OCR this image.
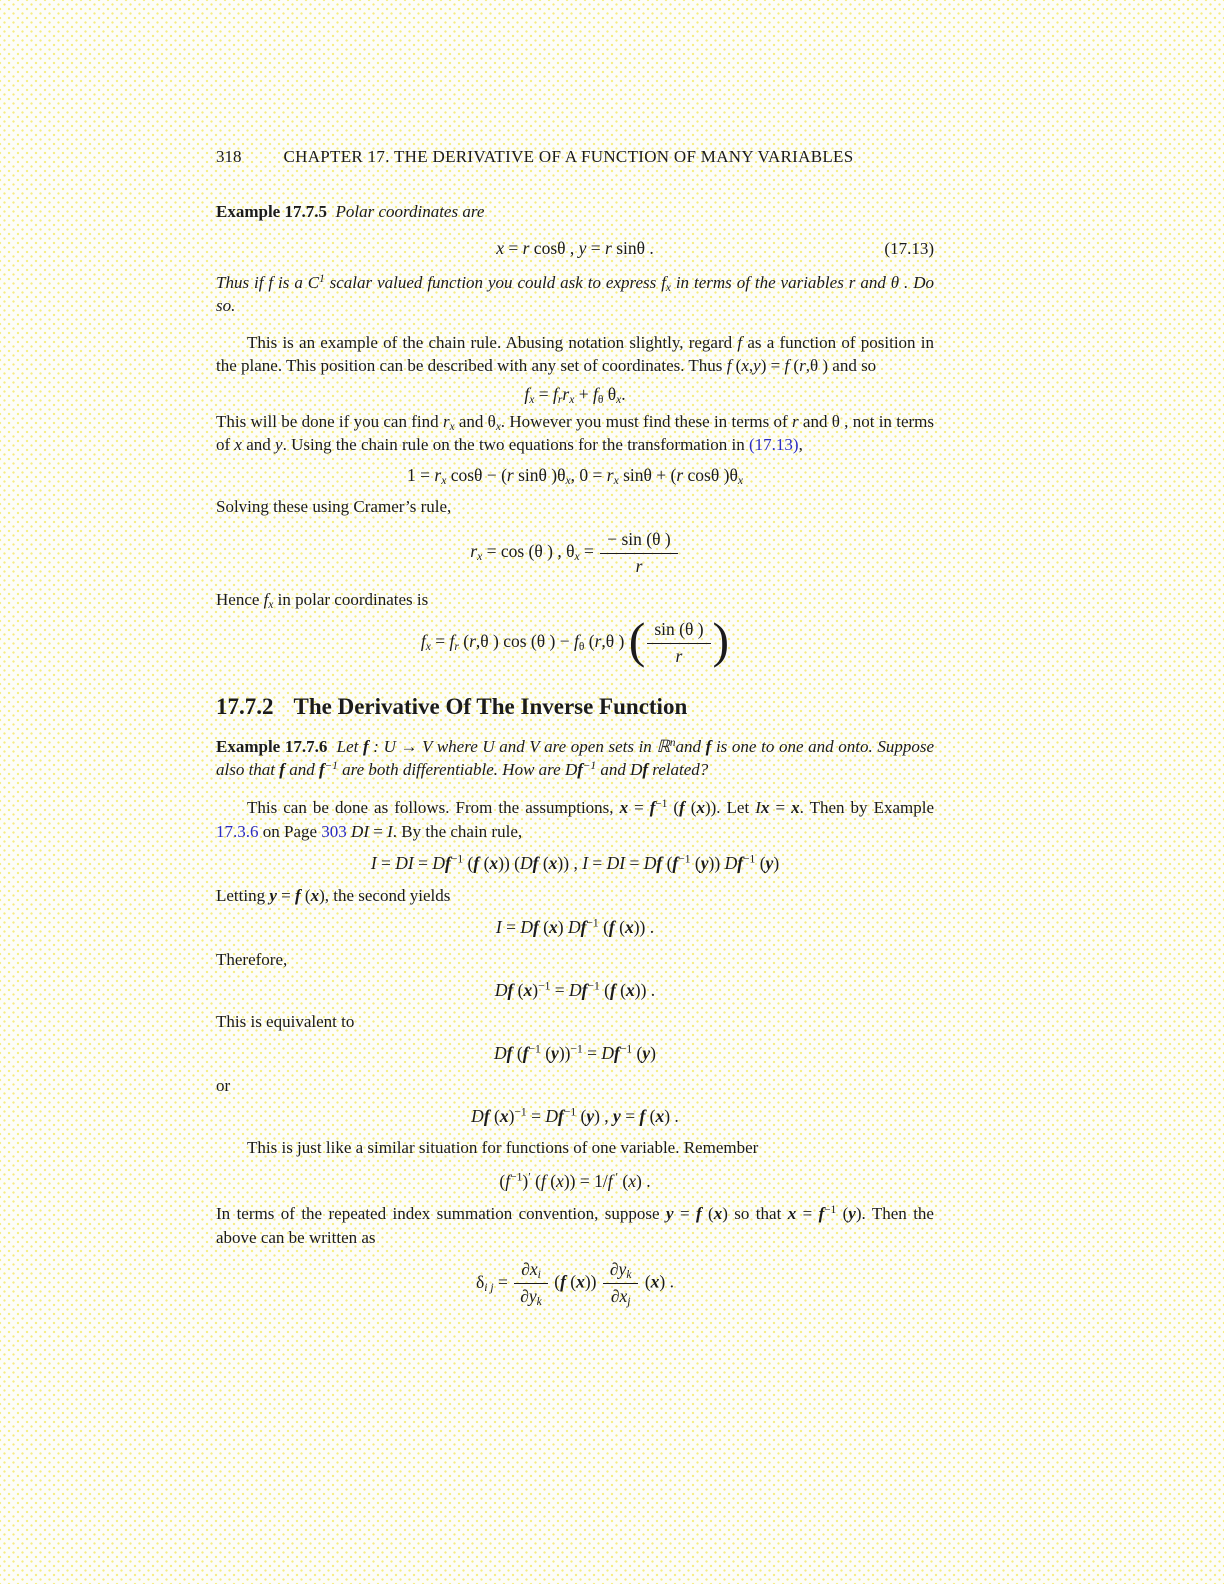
318 CHAPTER 17. THE DERIVATIVE OF A FUNCTION OF MANY VARIABLES

Example 17.7.5 Polar coordinates are

x = r cosθ , y = r sinθ .	(17.13)

Thus if f is a $C^1$ scalar valued function you could ask to express $f_x$ in terms of the variables r and θ . Do so.

This is an example of the chain rule. Abusing notation slightly, regard f as a function of position in the plane. This position can be described with any set of coordinates. Thus f (x,y) = f (r,θ ) and so

$f_x = f_rr_x + f_\theta$ $\theta_x$.

This will be done if you can find $r_x$ and $\theta_x$. However you must find these in terms of r and θ , not in terms of x and y. Using the chain rule on the two equations for the transformation in (17.13),

$1 = r_x$ cosθ − (r sinθ )$\theta_x$, $0 = r_x$ sinθ + (r cosθ )$\theta_x$

Solving these using Cramer’s rule,

$r_x = \cos (\theta$ ) , $\theta_x = \frac{- \sin (\theta )}{r}$

Hence $f_x$ in polar coordinates is

$f_x = f_r$ (r,θ ) cos (θ ) − $f_\theta$ (r,θ ) ( $\frac{\sin (\theta )}{r}$ )
17.7.2 The Derivative Of The Inverse Function

Example 17.7.6 Let f : U → V where U and V are open sets in ℝ$^n$and f is one to one and onto. Suppose also that f and $f^{-1}$ are both differentiable. How are $Df^{-1}$ and Df related?

This can be done as follows. From the assumptions, $x = f^{-1}$ (f (x)). Let Ix = x. Then by Example 17.3.6 on Page 303 DI = I. By the chain rule,

I = DI = $Df^{-1}$ (f (x)) (Df (x)) , I = DI = Df ($f^{-1}$ (y)) $Df^{-1}$ (y)

Letting y = f (x), the second yields

I = Df (x) $Df^{-1}$ (f (x)) .

Therefore,

Df $(x)^{-1} = Df^{-1}$ (f (x)) .

This is equivalent to

Df ($f^{-1}$ $(y))^{-1} = Df^{-1}$ (y)

or

Df $(x)^{-1} = Df^{-1}$ (y) , y = f (x) .

This is just like a similar situation for functions of one variable. Remember

$(f^{-1})'$ (f (x)) = 1/f ′ (x) .

In terms of the repeated index summation convention, suppose y = f (x) so that $x = f^{-1}$ (y). Then the above can be written as

$\delta_{i j} = \frac{\partial x_i}{\partial y_k} (f$ $(x)) \frac{\partial y_k}{\partial x_j} (x)$ .
